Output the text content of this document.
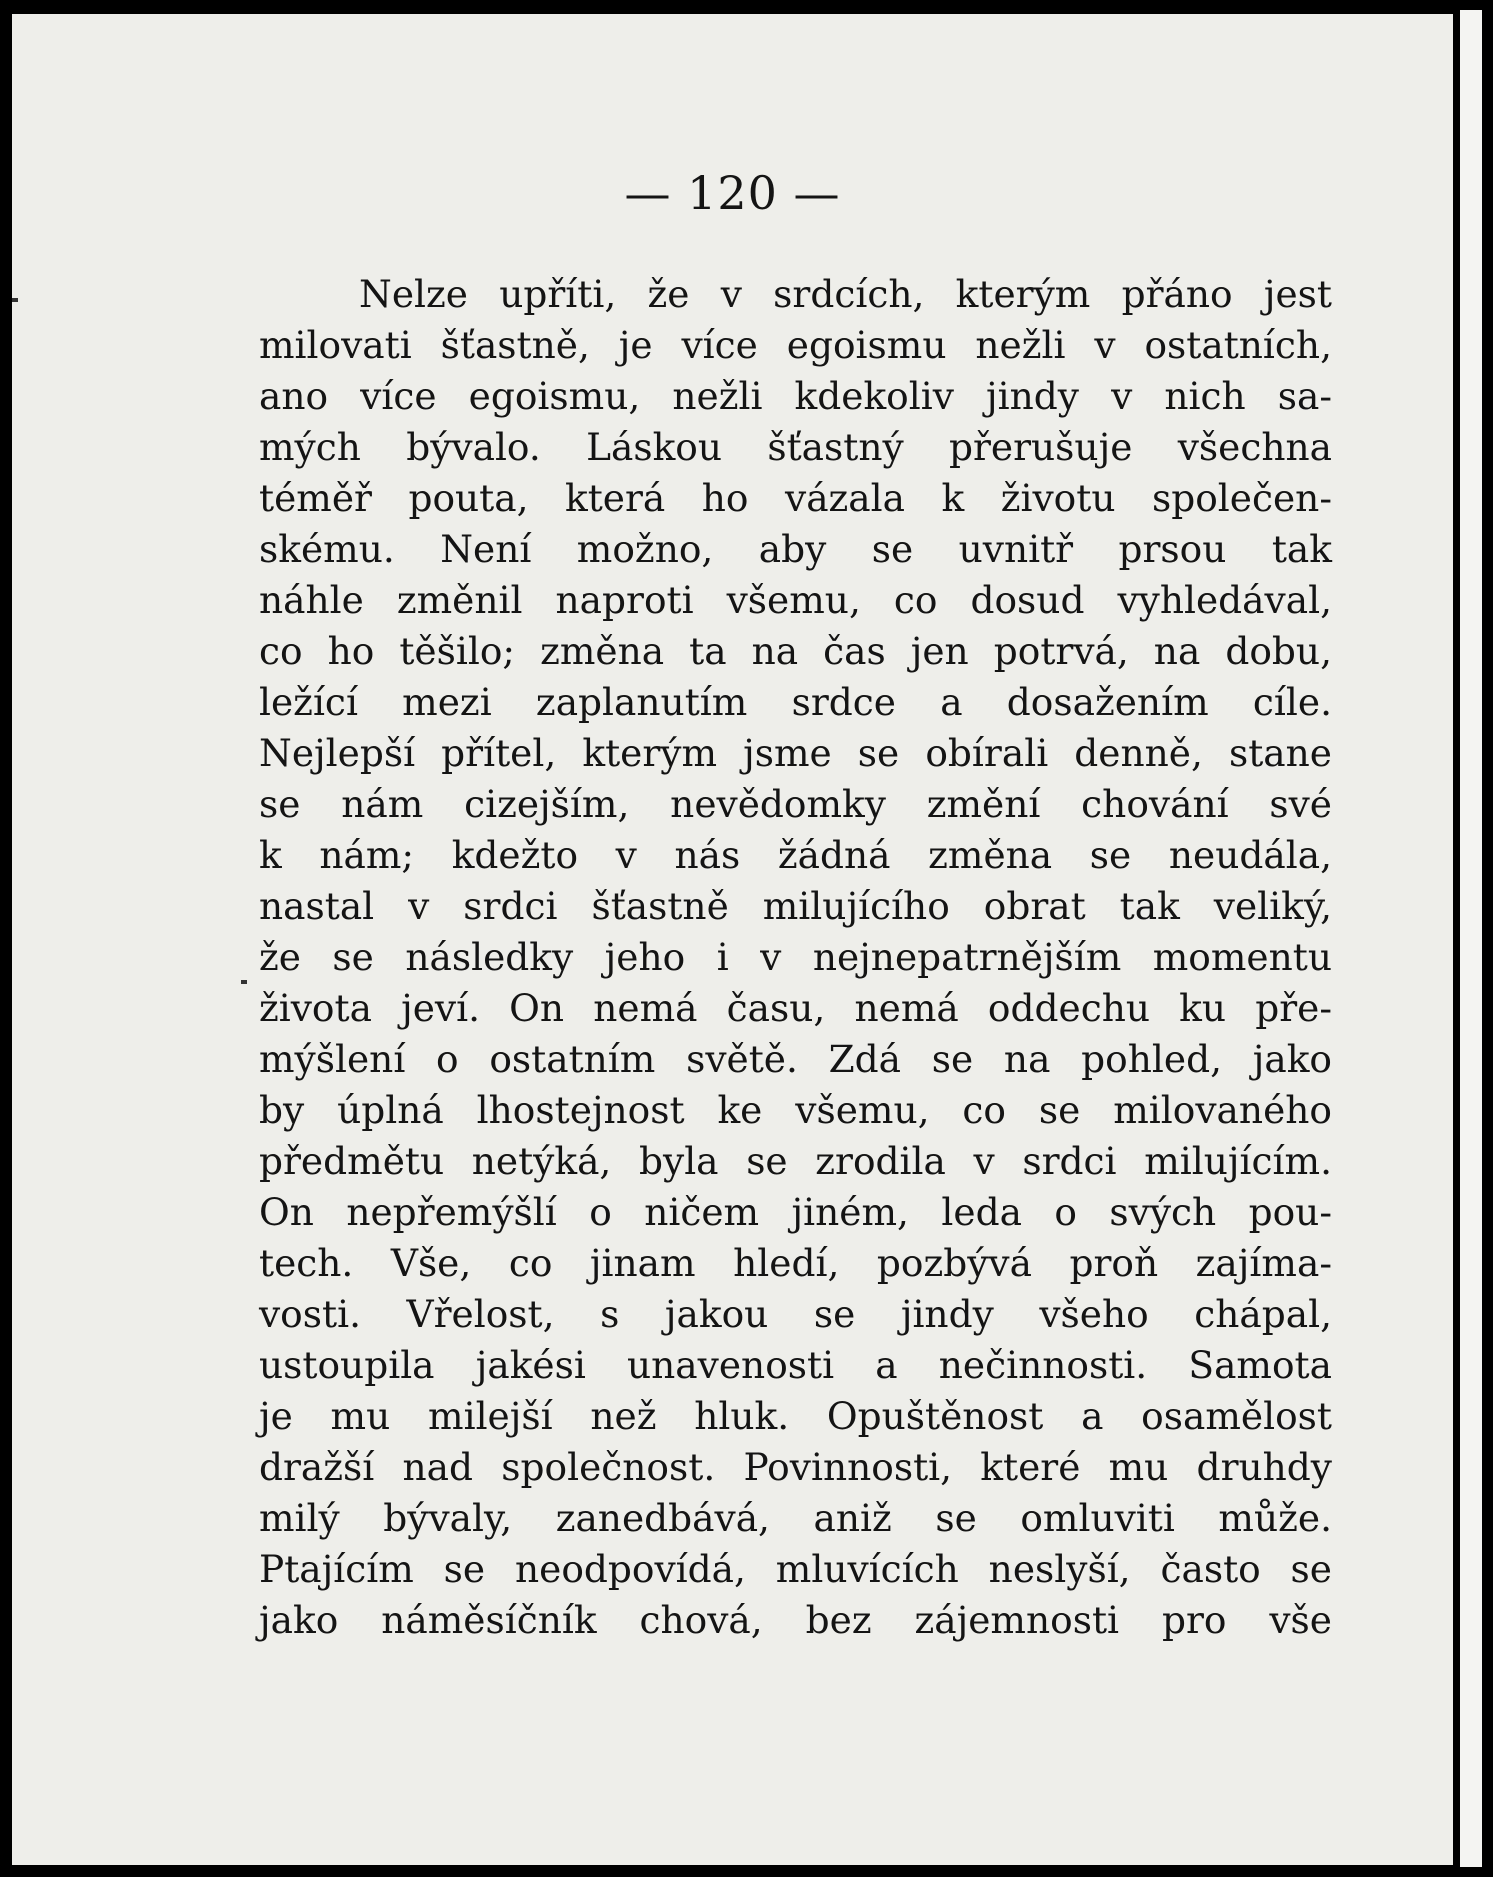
— 120 —
Nelze upříti, že v srdcích, kterým přáno jest
milovati šťastně, je více egoismu nežli v ostatních,
ano více egoismu, nežli kdekoliv jindy v nich sa-
mých bývalo. Láskou šťastný přerušuje všechna
téměř pouta, která ho vázala k životu společen-
skému. Není možno, aby se uvnitř prsou tak
náhle změnil naproti všemu, co dosud vyhledával,
co ho těšilo; změna ta na čas jen potrvá, na dobu,
ležící mezi zaplanutím srdce a dosažením cíle.
Nejlepší přítel, kterým jsme se obírali denně, stane
se nám cizejším, nevědomky změní chování své
k nám; kdežto v nás žádná změna se neudála,
nastal v srdci šťastně milujícího obrat tak veliký,
že se následky jeho i v nejnepatrnějším momentu
života jeví. On nemá času, nemá oddechu ku pře-
mýšlení o ostatním světě. Zdá se na pohled, jako
by úplná lhostejnost ke všemu, co se milovaného
předmětu netýká, byla se zrodila v srdci milujícím.
On nepřemýšlí o ničem jiném, leda o svých pou-
tech. Vše, co jinam hledí, pozbývá proň zajíma-
vosti. Vřelost, s jakou se jindy všeho chápal,
ustoupila jakési unavenosti a nečinnosti. Samota
je mu milejší než hluk. Opuštěnost a osamělost
dražší nad společnost. Povinnosti, které mu druhdy
milý bývaly, zanedbává, aniž se omluviti může.
Ptajícím se neodpovídá, mluvících neslyší, často se
jako náměsíčník chová, bez zájemnosti pro vše
